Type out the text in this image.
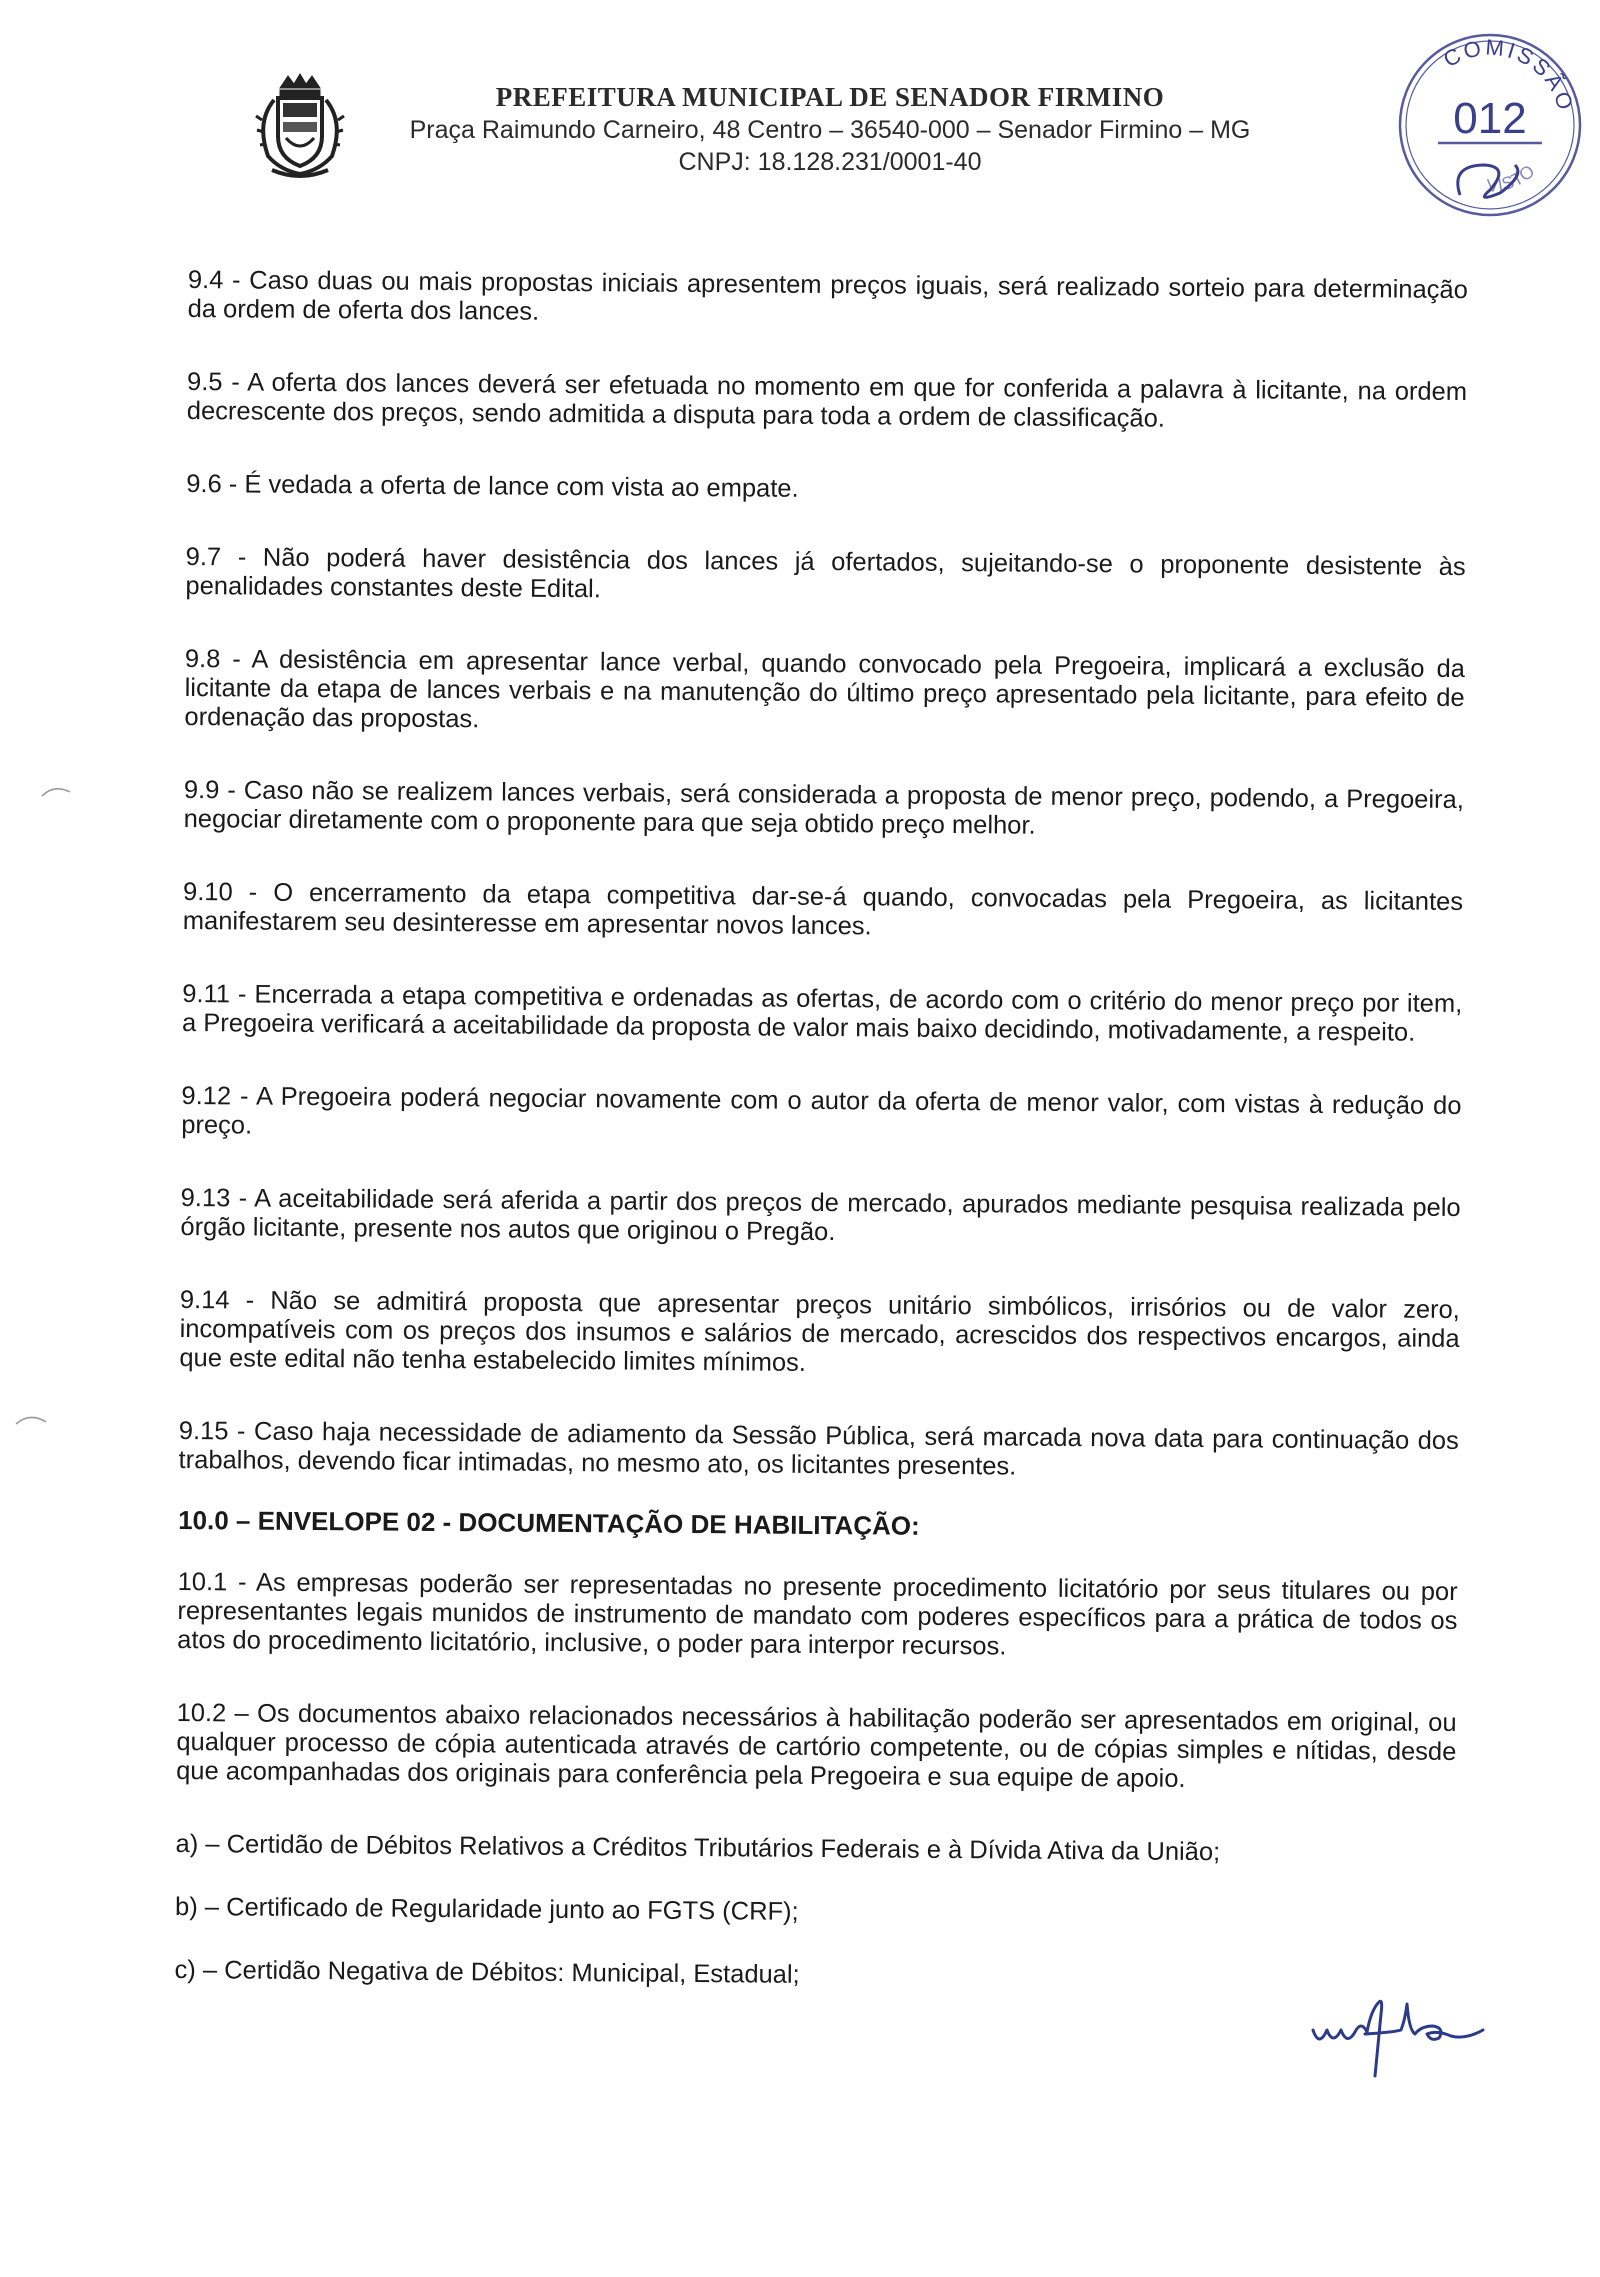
PREFEITURA MUNICIPAL DE SENADOR FIRMINO
Praça Raimundo Carneiro, 48 Centro – 36540-000 – Senador Firmino – MG
CNPJ: 18.128.231/0001-40
COMISSÃO
012
VISTO

9.4 - Caso duas ou mais propostas iniciais apresentem preços iguais, será realizado sorteio para determinação da ordem de oferta dos lances.

9.5 - A oferta dos lances deverá ser efetuada no momento em que for conferida a palavra à licitante, na ordem decrescente dos preços, sendo admitida a disputa para toda a ordem de classificação.

9.6 - É vedada a oferta de lance com vista ao empate.

9.7 - Não poderá haver desistência dos lances já ofertados, sujeitando-se o proponente desistente às penalidades constantes deste Edital.

9.8 - A desistência em apresentar lance verbal, quando convocado pela Pregoeira, implicará a exclusão da licitante da etapa de lances verbais e na manutenção do último preço apresentado pela licitante, para efeito de ordenação das propostas.

9.9 - Caso não se realizem lances verbais, será considerada a proposta de menor preço, podendo, a Pregoeira, negociar diretamente com o proponente para que seja obtido preço melhor.

9.10 - O encerramento da etapa competitiva dar-se-á quando, convocadas pela Pregoeira, as licitantes manifestarem seu desinteresse em apresentar novos lances.

9.11 - Encerrada a etapa competitiva e ordenadas as ofertas, de acordo com o critério do menor preço por item, a Pregoeira verificará a aceitabilidade da proposta de valor mais baixo decidindo, motivadamente, a respeito.

9.12 - A Pregoeira poderá negociar novamente com o autor da oferta de menor valor, com vistas à redução do preço.

9.13 - A aceitabilidade será aferida a partir dos preços de mercado, apurados mediante pesquisa realizada pelo órgão licitante, presente nos autos que originou o Pregão.

9.14 - Não se admitirá proposta que apresentar preços unitário simbólicos, irrisórios ou de valor zero, incompatíveis com os preços dos insumos e salários de mercado, acrescidos dos respectivos encargos, ainda que este edital não tenha estabelecido limites mínimos.

9.15 - Caso haja necessidade de adiamento da Sessão Pública, será marcada nova data para continuação dos trabalhos, devendo ficar intimadas, no mesmo ato, os licitantes presentes.

10.0 – ENVELOPE 02 - DOCUMENTAÇÃO DE HABILITAÇÃO:

10.1 - As empresas poderão ser representadas no presente procedimento licitatório por seus titulares ou por representantes legais munidos de instrumento de mandato com poderes específicos para a prática de todos os atos do procedimento licitatório, inclusive, o poder para interpor recursos.

10.2 – Os documentos abaixo relacionados necessários à habilitação poderão ser apresentados em original, ou qualquer processo de cópia autenticada através de cartório competente, ou de cópias simples e nítidas, desde que acompanhadas dos originais para conferência pela Pregoeira e sua equipe de apoio.

a) – Certidão de Débitos Relativos a Créditos Tributários Federais e à Dívida Ativa da União;

b) – Certificado de Regularidade junto ao FGTS (CRF);

c) – Certidão Negativa de Débitos: Municipal, Estadual;
